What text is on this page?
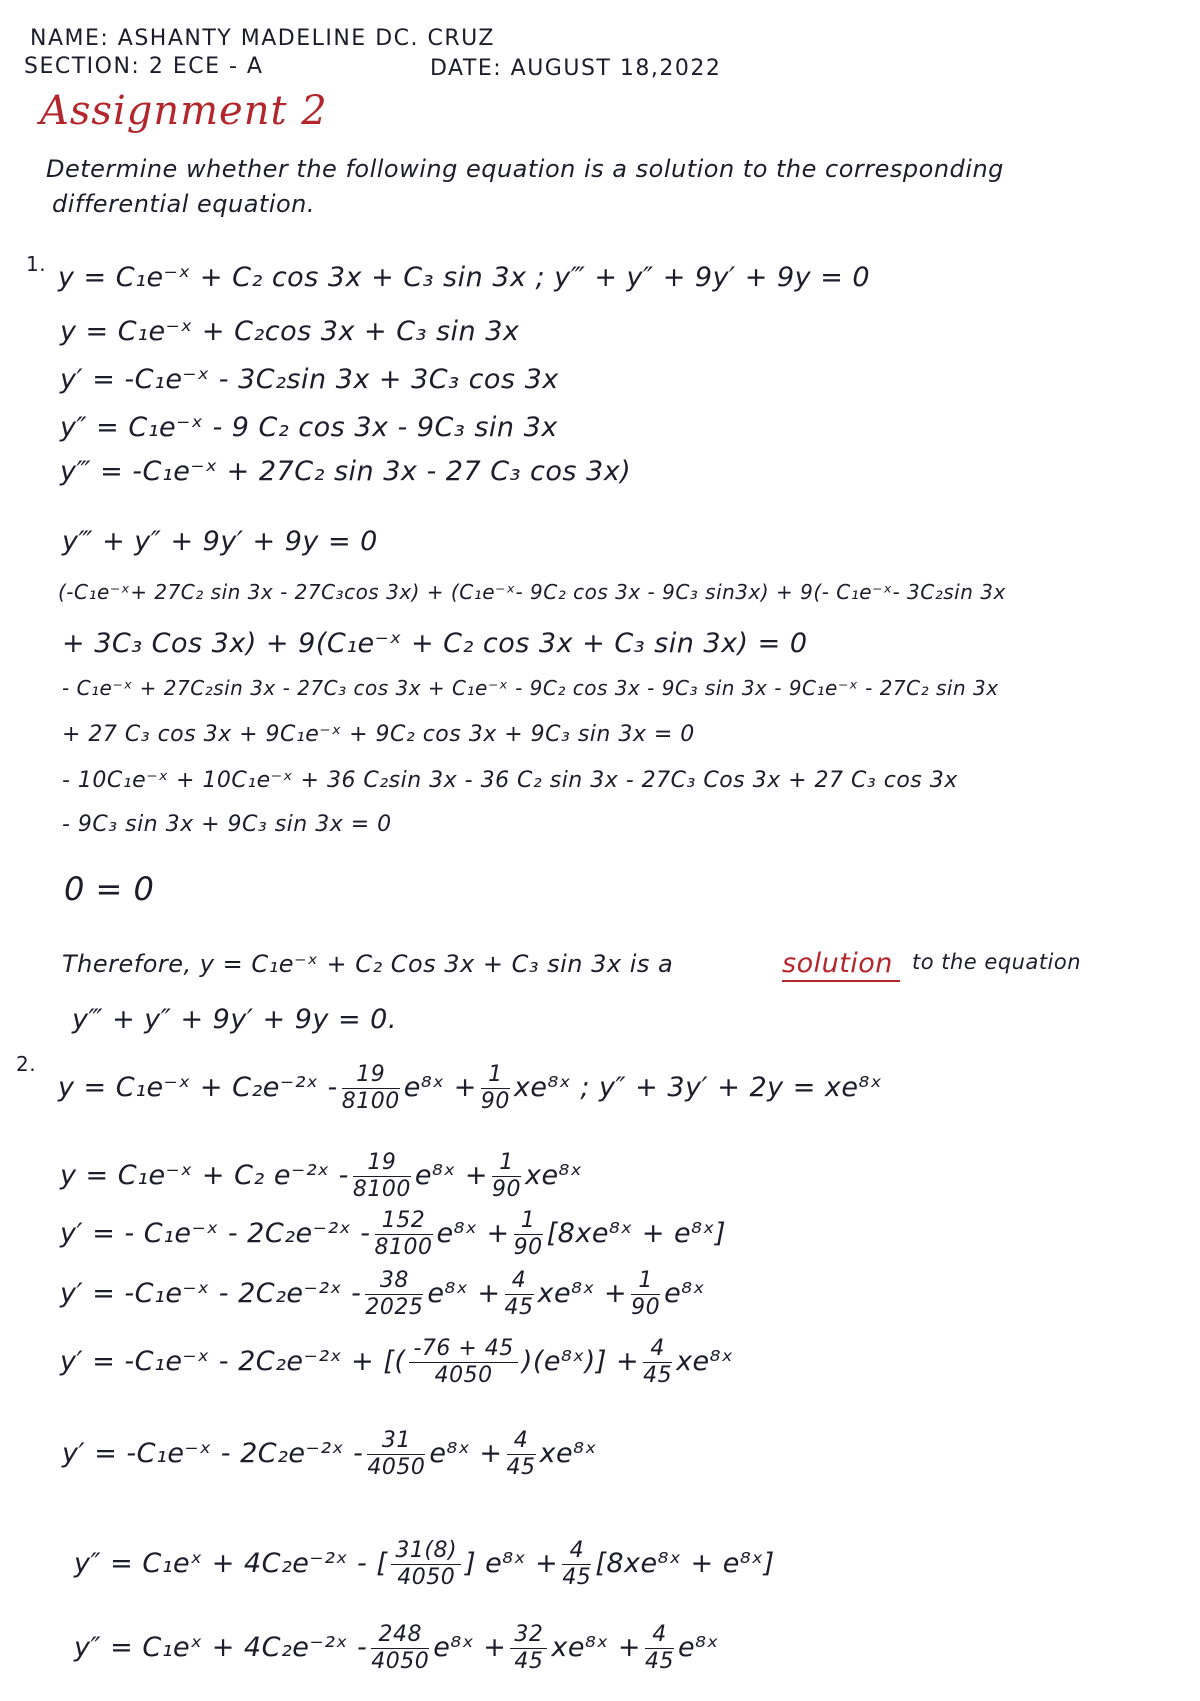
NAME: ASHANTY MADELINE DC. CRUZ
SECTION: 2 ECE - A	DATE: AUGUST 18,2022
Assignment 2
Determine whether the following equation is a solution to the corresponding
differential equation.
1. y = C₁e⁻ˣ + C₂ cos 3x + C₃ sin 3x ; y‴ + y″ + 9y′ + 9y = 0
y = C₁e⁻ˣ + C₂cos 3x + C₃ sin 3x
y′ = -C₁e⁻ˣ - 3C₂sin 3x + 3C₃ cos 3x
y″ = C₁e⁻ˣ - 9 C₂ cos 3x - 9C₃ sin 3x
y‴ = -C₁e⁻ˣ + 27C₂ sin 3x - 27 C₃ cos 3x)
y‴ + y″ + 9y′ + 9y = 0
(-C₁e⁻ˣ+ 27C₂ sin 3x - 27C₃cos 3x) + (C₁e⁻ˣ- 9C₂ cos 3x - 9C₃ sin3x) + 9(- C₁e⁻ˣ- 3C₂sin 3x
+ 3C₃ Cos 3x) + 9(C₁e⁻ˣ + C₂ cos 3x + C₃ sin 3x) = 0
- C₁e⁻ˣ + 27C₂sin 3x - 27C₃ cos 3x + C₁e⁻ˣ - 9C₂ cos 3x - 9C₃ sin 3x - 9C₁e⁻ˣ - 27C₂ sin 3x
+ 27 C₃ cos 3x + 9C₁e⁻ˣ + 9C₂ cos 3x + 9C₃ sin 3x = 0
- 10C₁e⁻ˣ + 10C₁e⁻ˣ + 36 C₂sin 3x - 36 C₂ sin 3x - 27C₃ Cos 3x + 27 C₃ cos 3x
- 9C₃ sin 3x + 9C₃ sin 3x = 0
0 = 0
Therefore, y = C₁e⁻ˣ + C₂ Cos 3x + C₃ sin 3x is a	solution to the equation
y‴ + y″ + 9y′ + 9y = 0.
2.
y = C₁e⁻ˣ + C₂e⁻²ˣ - $\frac{19}{8100}$ e⁸ˣ + $\frac{1}{90}$ xe⁸ˣ ; y″ + 3y′ + 2y = xe⁸ˣ
y = C₁e⁻ˣ + C₂ e⁻²ˣ - $\frac{19}{8100}$ e⁸ˣ + $\frac{1}{90}$ xe⁸ˣ
y′ = - C₁e⁻ˣ - 2C₂e⁻²ˣ - $\frac{152}{8100}$ e⁸ˣ + $\frac{1}{90}$ [8xe⁸ˣ + e⁸ˣ]
y′ = -C₁e⁻ˣ - 2C₂e⁻²ˣ - $\frac{38}{2025}$ e⁸ˣ + $\frac{4}{45}$ xe⁸ˣ + $\frac{1}{90}$ e⁸ˣ
y′ = -C₁e⁻ˣ - 2C₂e⁻²ˣ + [( $\frac{-76 + 45}{4050}$ )(e⁸ˣ)] + $\frac{4}{45}$ xe⁸ˣ
y′ = -C₁e⁻ˣ - 2C₂e⁻²ˣ - $\frac{31}{4050}$ e⁸ˣ + $\frac{4}{45}$ xe⁸ˣ
y″ = C₁eˣ + 4C₂e⁻²ˣ - [ $\frac{31(8)}{4050}$ ] e⁸ˣ + $\frac{4}{45}$ [8xe⁸ˣ + e⁸ˣ]
y″ = C₁eˣ + 4C₂e⁻²ˣ - $\frac{248}{4050}$ e⁸ˣ + $\frac{32}{45}$ xe⁸ˣ + $\frac{4}{45}$ e⁸ˣ
